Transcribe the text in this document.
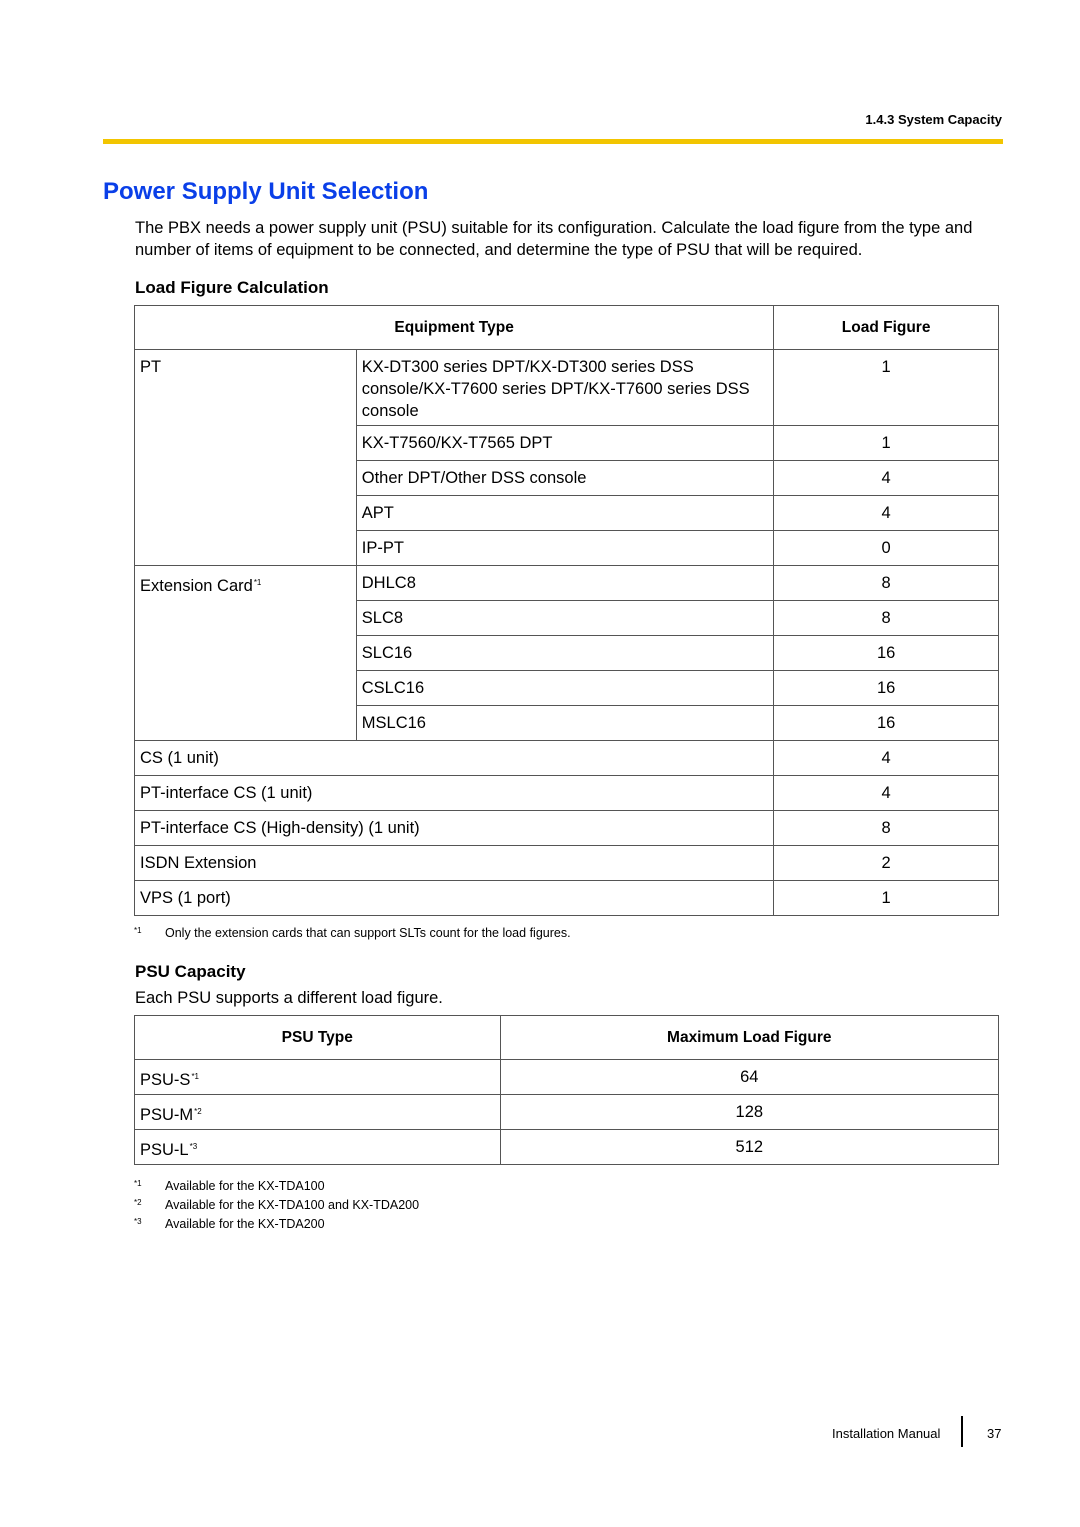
1.4.3 System Capacity
Power Supply Unit Selection

The PBX needs a power supply unit (PSU) suitable for its configuration. Calculate the load figure from the type and number of items of equipment to be connected, and determine the type of PSU that will be required.

Load Figure Calculation
Equipment Type		Load Figure
PT	KX-DT300 series DPT/KX-DT300 series DSS console/KX-T7600 series DPT/KX-T7600 series DSS console	1
	KX-T7560/KX-T7565 DPT	1
	Other DPT/Other DSS console	4
	APT	4
	IP-PT	0
Extension Card$^{*1}$	DHLC8	8
	SLC8	8
	SLC16	16
	CSLC16	16
	MSLC16	16
CS (1 unit)		4
PT-interface CS (1 unit)		4
PT-interface CS (High-density) (1 unit)		8
ISDN Extension		2
VPS (1 port)		1

*1 Only the extension cards that can support SLTs count for the load figures.

PSU Capacity

Each PSU supports a different load figure.

PSU Type	Maximum Load Figure
PSU-$S^{*1}$	64
PSU-$M^{*2}$	128
PSU-$L^{*3}$	512

*1 Available for the KX-TDA100

*2 Available for the KX-TDA100 and KX-TDA200

*3 Available for the KX-TDA200

Installation Manual	37
